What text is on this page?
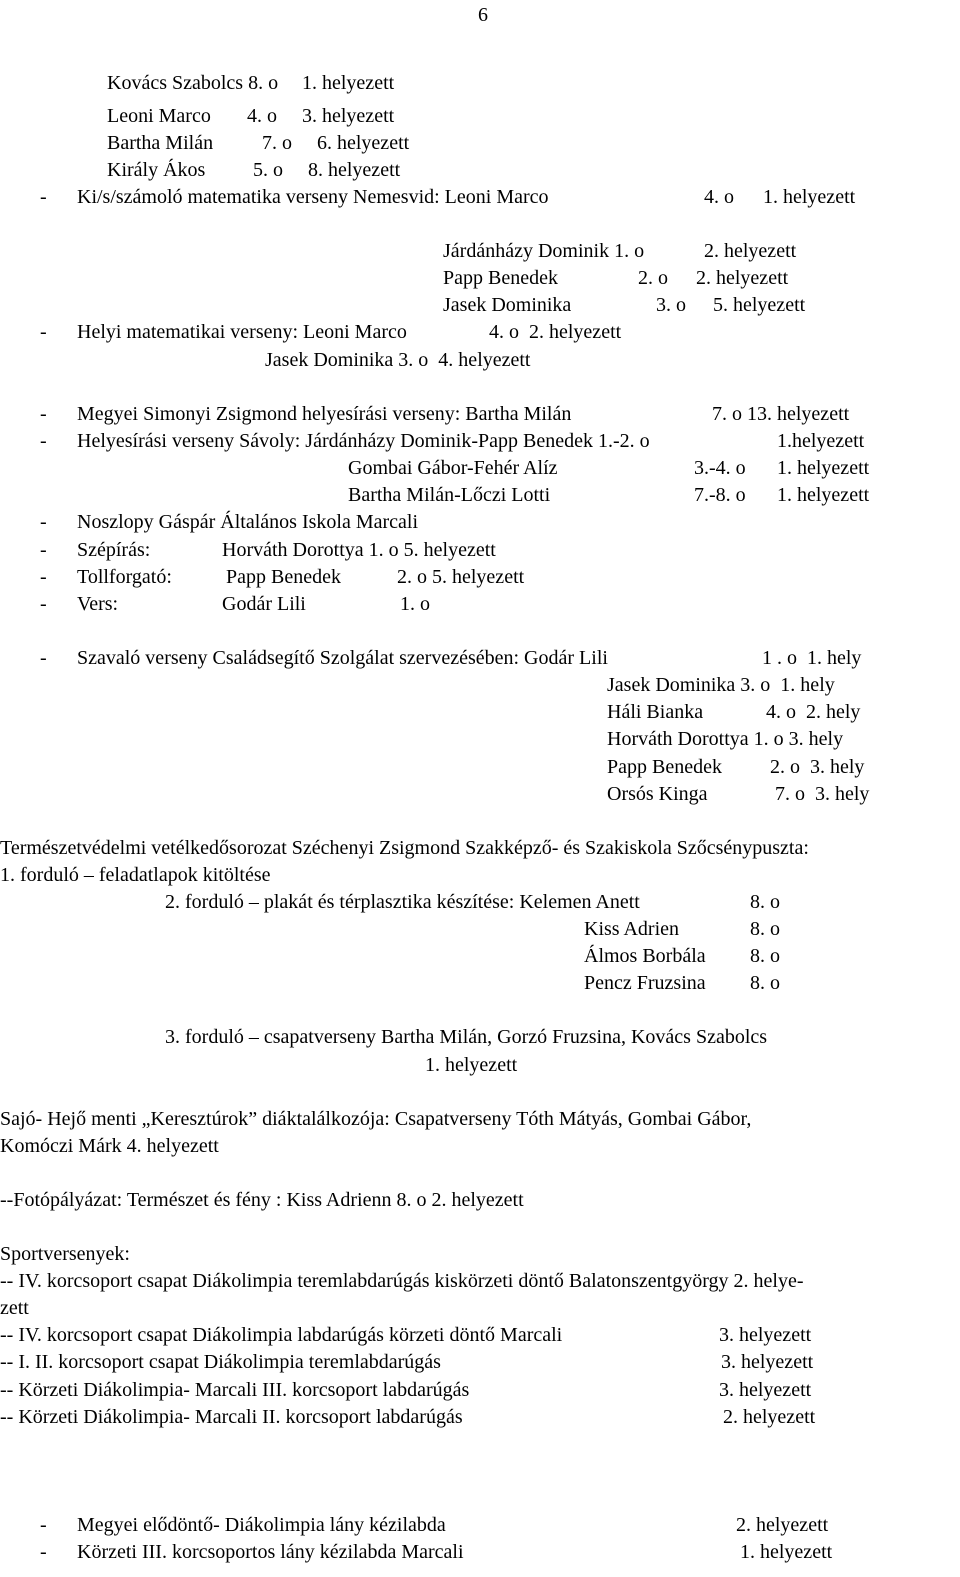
6
Kovács Szabolcs 8. o 1. helyezett
Leoni Marco 4. o 3. helyezett
Bartha Milán 7. o 6. helyezett
Király Ákos 5. o 8. helyezett
- Ki/s/számoló matematika verseny Nemesvid: Leoni Marco	4. o 1. helyezett
Járdánházy Dominik 1. o	2. helyezett
Papp Benedek	2. o 2. helyezett
Jasek Dominika	3. o 5. helyezett
- Helyi matematikai verseny: Leoni Marco	4. o  2. helyezett
Jasek Dominika 3. o  4. helyezett
- Megyei Simonyi Zsigmond helyesírási verseny: Bartha Milán	7. o 13. helyezett
- Helyesírási verseny Sávoly: Járdánházy Dominik-Papp Benedek 1.-2. o	1.helyezett
Gombai Gábor-Fehér Alíz	3.-4. o 1. helyezett
Bartha Milán-Lőczi Lotti	7.-8. o 1. helyezett
- Noszlopy Gáspár Általános Iskola Marcali
- Szépírás:	Horváth Dorottya 1. o 5. helyezett
- Tollforgató:	Papp Benedek	2. o 5. helyezett
- Vers:	Godár Lili	1. o
- Szavaló verseny Családsegítő Szolgálat szervezésében: Godár Lili	1 . o  1. hely
Jasek Dominika 3. o  1. hely
Háli Bianka	4. o  2. hely
Horváth Dorottya 1. o 3. hely
Papp Benedek 2. o  3. hely
Orsós Kinga	7. o  3. hely
Természetvédelmi vetélkedősorozat Széchenyi Zsigmond Szakképző- és Szakiskola Szőcsénypuszta:
1. forduló – feladatlapok kitöltése
2. forduló – plakát és térplasztika készítése: Kelemen Anett	8. o
Kiss Adrien	8. o
Álmos Borbála 8. o
Pencz Fruzsina 8. o
3. forduló – csapatverseny Bartha Milán, Gorzó Fruzsina, Kovács Szabolcs
1. helyezett
Sajó- Hejő menti „Keresztúrok” diáktalálkozója: Csapatverseny Tóth Mátyás, Gombai Gábor,
Komóczi Márk 4. helyezett
--Fotópályázat: Természet és fény : Kiss Adrienn 8. o 2. helyezett
Sportversenyek:
-- IV. korcsoport csapat Diákolimpia teremlabdarúgás kiskörzeti döntő Balatonszentgyörgy 2. helye-
zett
-- IV. korcsoport csapat Diákolimpia labdarúgás körzeti döntő Marcali	3. helyezett
-- I. II. korcsoport csapat Diákolimpia teremlabdarúgás	3. helyezett
-- Körzeti Diákolimpia- Marcali III. korcsoport labdarúgás	3. helyezett
-- Körzeti Diákolimpia- Marcali II. korcsoport labdarúgás	2. helyezett
- Megyei elődöntő- Diákolimpia lány kézilabda	2. helyezett
- Körzeti III. korcsoportos lány kézilabda Marcali	1. helyezett
